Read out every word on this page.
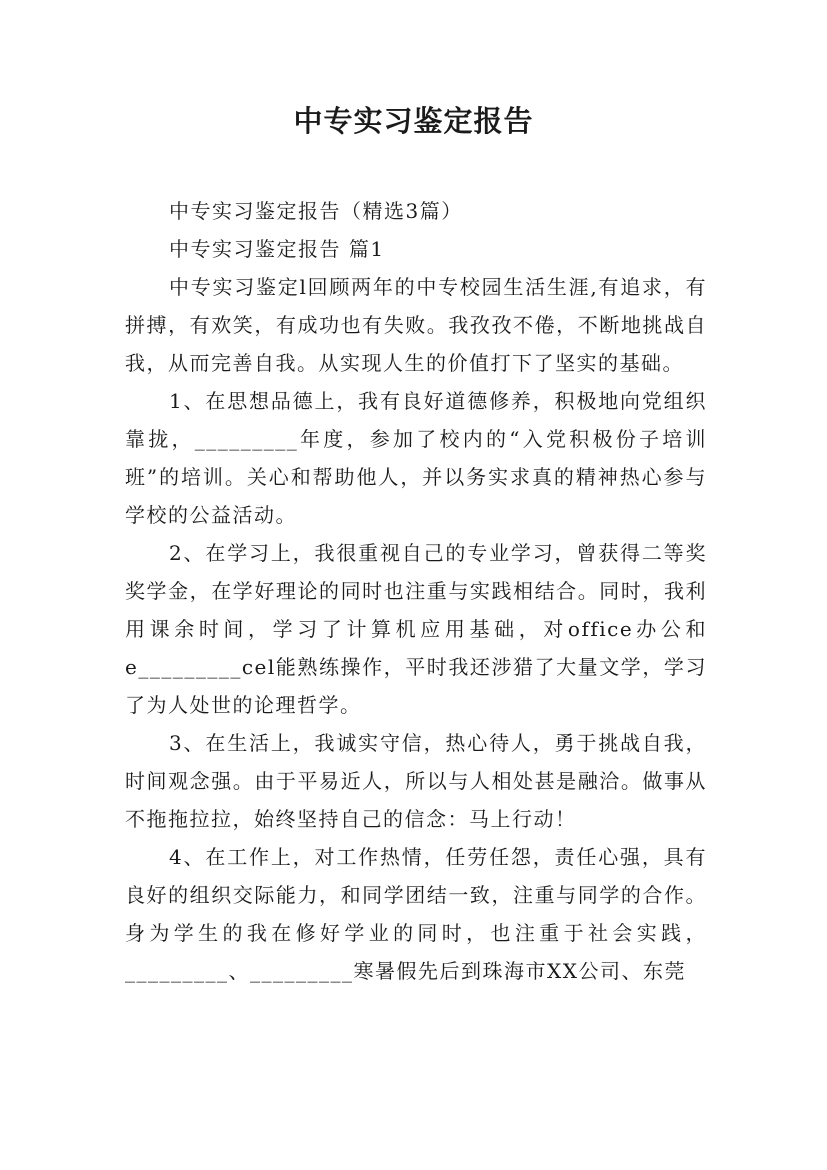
中专实习鉴定报告

中专实习鉴定报告（精选3篇）

中专实习鉴定报告 篇1

中专实习鉴定l回顾两年的中专校园生活生涯,有追求，有拼搏，有欢笑，有成功也有失败。我孜孜不倦，不断地挑战自我，从而完善自我。从实现人生的价值打下了坚实的基础。

1、在思想品德上，我有良好道德修养，积极地向党组织靠拢，_________年度，参加了校内的“入党积极份子培训班”的培训。关心和帮助他人，并以务实求真的精神热心参与学校的公益活动。

2、在学习上，我很重视自己的专业学习，曾获得二等奖奖学金，在学好理论的同时也注重与实践相结合。同时，我利用课余时间，学习了计算机应用基础，对office办公和e_________cel能熟练操作，平时我还涉猎了大量文学，学习了为人处世的论理哲学。

3、在生活上，我诚实守信，热心待人，勇于挑战自我，时间观念强。由于平易近人，所以与人相处甚是融洽。做事从不拖拖拉拉，始终坚持自己的信念：马上行动！

4、在工作上，对工作热情，任劳任怨，责任心强，具有良好的组织交际能力，和同学团结一致，注重与同学的合作。身为学生的我在修好学业的同时，也注重于社会实践，_________、_________寒暑假先后到珠海市XX公司、东莞
